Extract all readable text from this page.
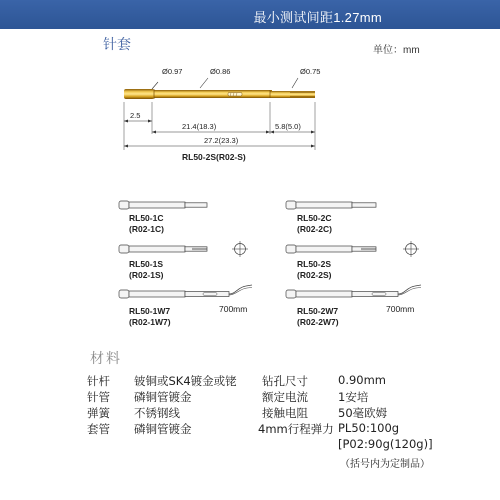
最小测试间距1.27mm
针套	单位：mm
Ø0.97	Ø0.86	Ø0.75
2.5
21.4(18.3)	5.8(5.0)
27.2(23.3)
RL50-2S(R02-S)
RL50-1C
(R02-1C)
RL50-2C
(R02-2C)
RL50-1S
(R02-1S)
RL50-2S
(R02-2S)
700mm
RL50-1W7
(R02-1W7)
700mm
RL50-2W7
(R02-2W7)
材料
针杆 铍铜或SK4镀金或铑
针管 磷铜管镀金
弹簧 不锈钢线
套管 磷铜管镀金
钻孔尺寸	0.90mm
额定电流	1安培
接触电阻	50毫欧姆
4mm行程弹力 PL50:100g
[P02:90g(120g)]
（括号内为定制品）
